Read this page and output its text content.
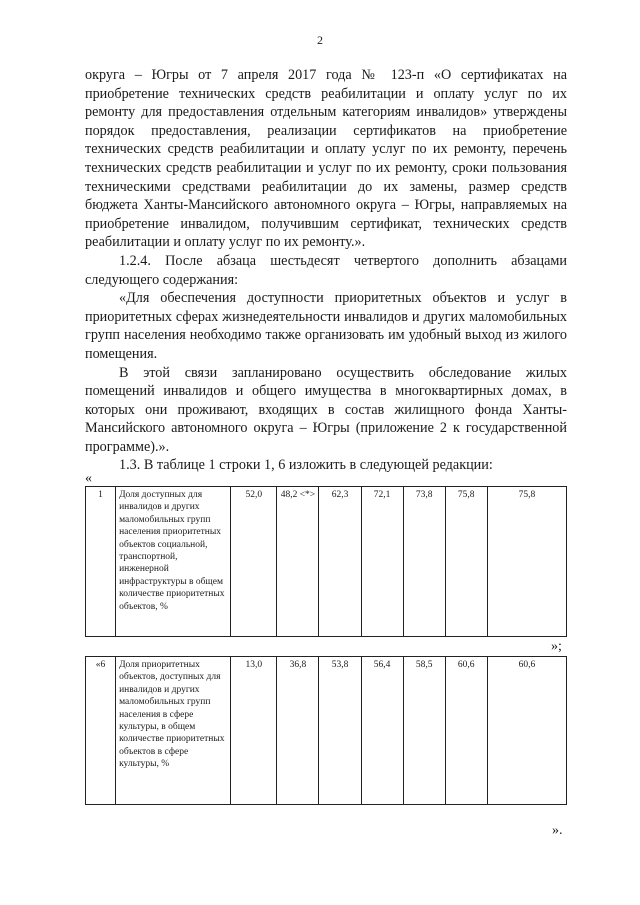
2

округа – Югры от 7 апреля 2017 года № 123-п «О сертификатах на приобретение технических средств реабилитации и оплату услуг по их ремонту для предоставления отдельным категориям инвалидов» утверждены порядок предоставления, реализации сертификатов на приобретение технических средств реабилитации и оплату услуг по их ремонту, перечень технических средств реабилитации и услуг по их ремонту, сроки пользования техническими средствами реабилитации до их замены, размер средств бюджета Ханты-Мансийского автономного округа – Югры, направляемых на приобретение инвалидом, получившим сертификат, технических средств реабилитации и оплату услуг по их ремонту.».

1.2.4. После абзаца шестьдесят четвертого дополнить абзацами следующего содержания:

«Для обеспечения доступности приоритетных объектов и услуг в приоритетных сферах жизнедеятельности инвалидов и других маломобильных групп населения необходимо также организовать им удобный выход из жилого помещения.

В этой связи запланировано осуществить обследование жилых помещений инвалидов и общего имущества в многоквартирных домах, в которых они проживают, входящих в состав жилищного фонда Ханты-Мансийского автономного округа – Югры (приложение 2 к государственной программе).».

1.3. В таблице 1 строки 1, 6 изложить в следующей редакции:

«
1	Доля доступных для инвалидов и других маломобильных групп населения приоритетных объектов социальной, транспортной, инженерной инфраструктуры в общем количестве приоритетных объектов, %	52,0	48,2 <*>	62,3	72,1	73,8	75,8	75,8
»;
«6	Доля приоритетных объектов, доступных для инвалидов и других маломобильных групп населения в сфере культуры, в общем количестве приоритетных объектов в сфере культуры, %	13,0	36,8	53,8	56,4	58,5	60,6	60,6
».
